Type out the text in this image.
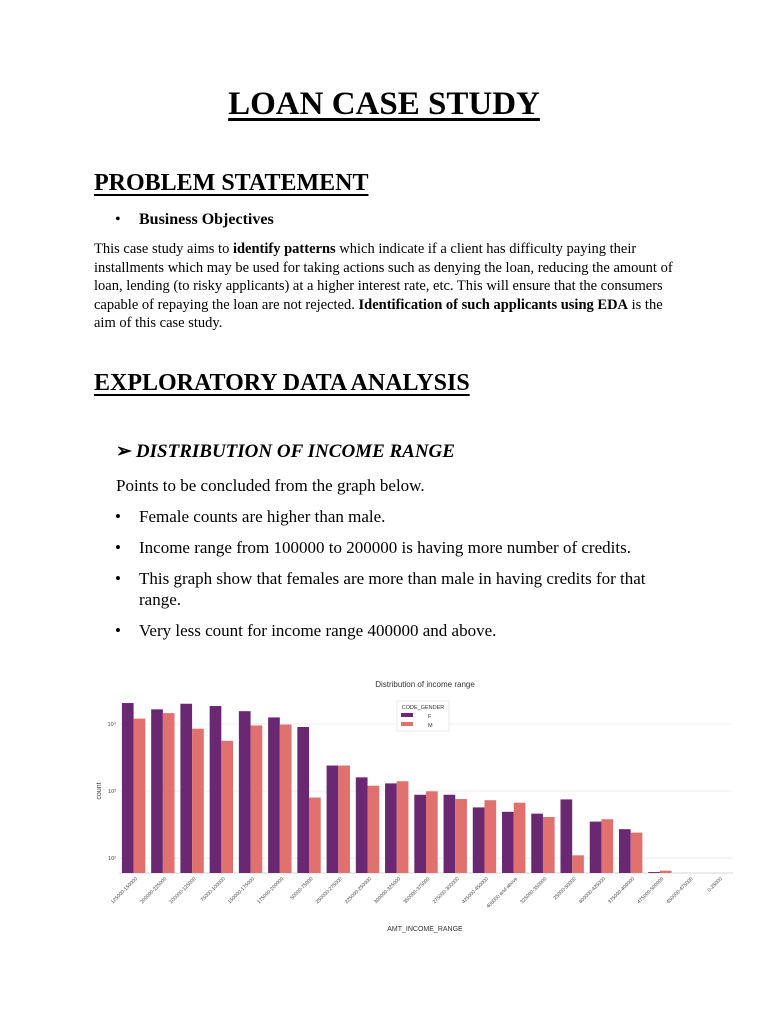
LOAN CASE STUDY
PROBLEM STATEMENT
• Business Objectives
This case study aims to identify patterns which indicate if a client has difficulty paying their installments which may be used for taking actions such as denying the loan, reducing the amount of loan, lending (to risky applicants) at a higher interest rate, etc. This will ensure that the consumers capable of repaying the loan are not rejected. Identification of such applicants using EDA is the aim of this case study.
EXPLORATORY DATA ANALYSIS
➢ DISTRIBUTION OF INCOME RANGE
Points to be concluded from the graph below.
• Female counts are higher than male.
• Income range from 100000 to 200000 is having more number of credits.
• This graph show that females are more than male in having credits for that range.
• Very less count for income range 400000 and above.
Distribution of income range
AMT_INCOME_RANGE
count
125000-150000 200000-225000 100000-125000 75000-100000 150000-175000 175000-200000 50000-75000 250000-275000 225000-250000 300000-325000 350000-375000 275000-300000 425000-450000
400000 and above 325000-350000 25000-50000 400000-425000 375000-400000 475000-500000 450000-475000 0-25000
10²
10³
10⁴
CODE_GENDER
F
M
